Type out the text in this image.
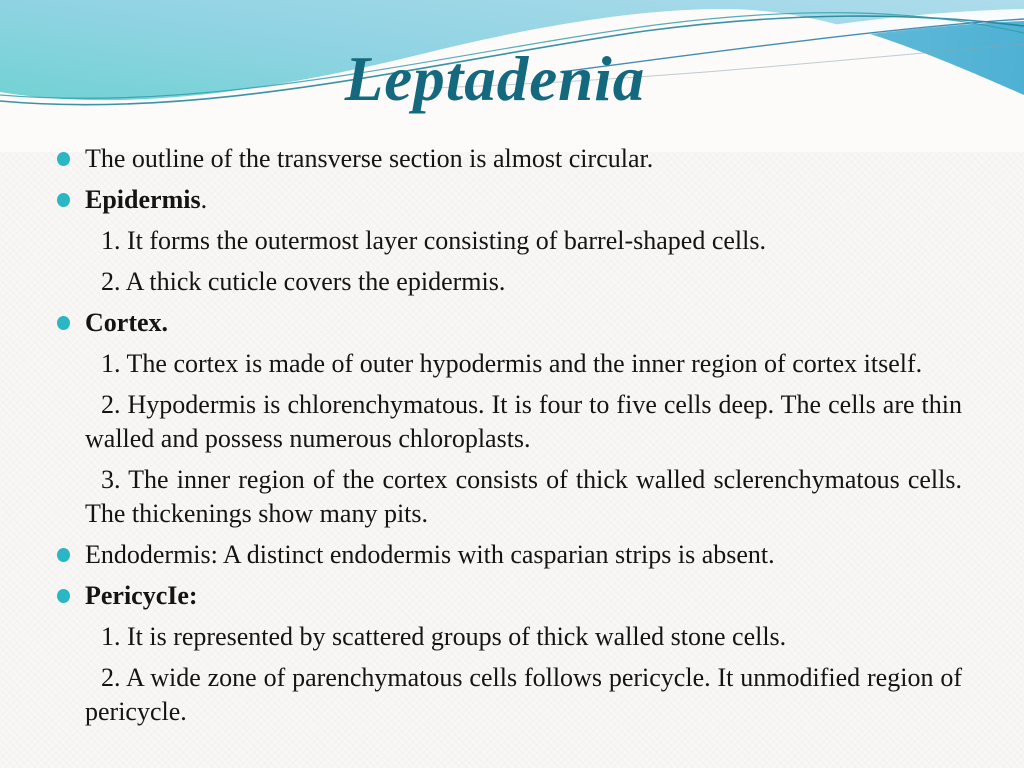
Leptadenia

The outline of the transverse section is almost circular.

Epidermis.

1. It forms the outermost layer consisting of barrel-shaped cells.

2. A thick cuticle covers the epidermis.

Cortex.

1. The cortex is made of outer hypodermis and the inner region of cortex itself.

2. Hypodermis is chlorenchymatous. It is four to five cells deep. The cells are thin walled and possess numerous chloroplasts.

3. The inner region of the cortex consists of thick walled sclerenchymatous cells. The thickenings show many pits.

Endodermis: A distinct endodermis with casparian strips is absent.

PericycIe:

1. It is represented by scattered groups of thick walled stone cells.

2. A wide zone of parenchymatous cells follows pericycle. It unmodified region of pericycle.
